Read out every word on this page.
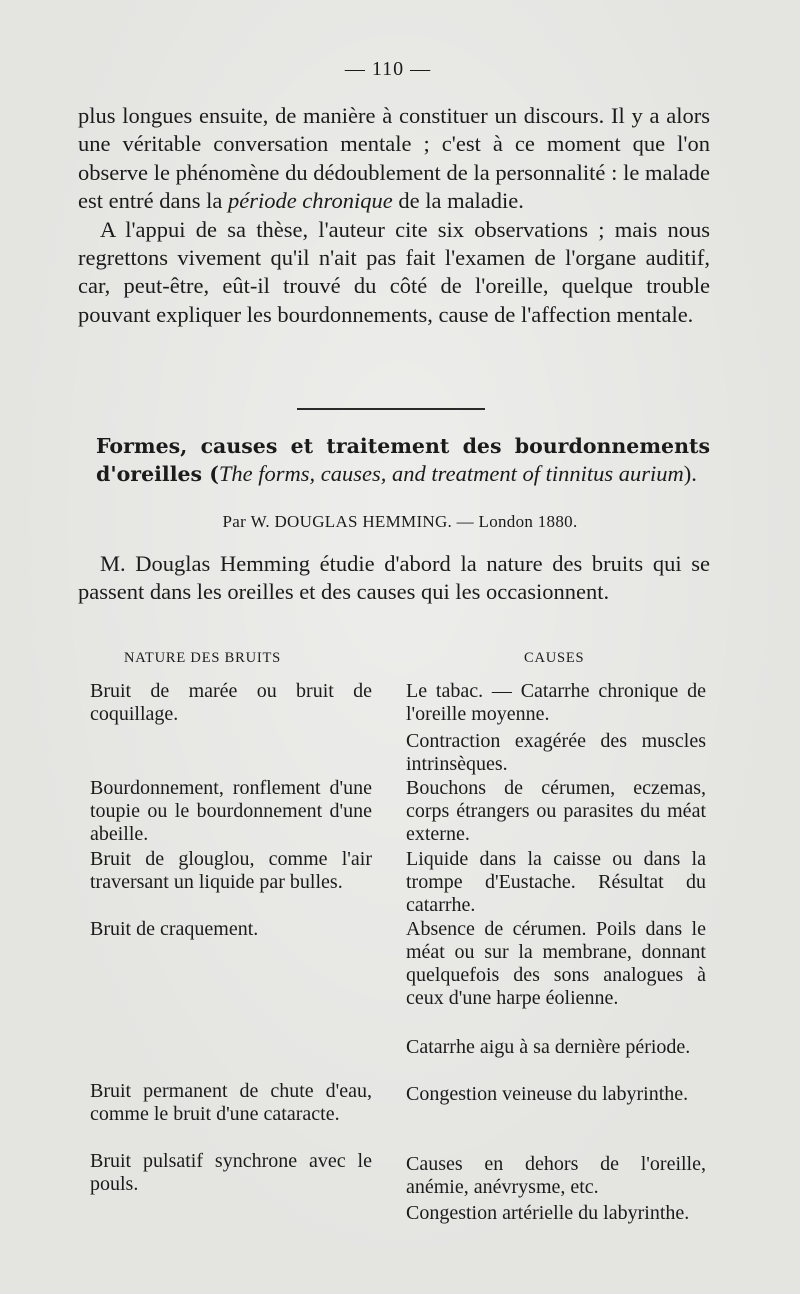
— 110 —

plus longues ensuite, de manière à constituer un discours. Il y a alors une véritable conversation mentale ; c'est à ce moment que l'on observe le phénomène du dédoublement de la personnalité : le malade est entré dans la période chronique de la maladie.

A l'appui de sa thèse, l'auteur cite six observations ; mais nous regrettons vivement qu'il n'ait pas fait l'examen de l'organe auditif, car, peut-être, eût-il trouvé du côté de l'oreille, quelque trouble pouvant expliquer les bourdonnements, cause de l'affection mentale.

Formes, causes et traitement des bourdonnements d'oreilles (The forms, causes, and treatment of tinnitus aurium).
Par W. DOUGLAS HEMMING. — London 1880.

M. Douglas Hemming étudie d'abord la nature des bruits qui se passent dans les oreilles et des causes qui les occasionnent.

NATURE DES BRUITS	CAUSES
Bruit de marée ou bruit de coquillage.
Bourdonnement, ronflement d'une toupie ou le bourdonnement d'une abeille.
Bruit de glouglou, comme l'air traversant un liquide par bulles.
Bruit de craquement.
Bruit permanent de chute d'eau, comme le bruit d'une cataracte.
Bruit pulsatif synchrone avec le pouls.
Le tabac. — Catarrhe chronique de l'oreille moyenne.
Contraction exagérée des muscles intrinsèques.
Bouchons de cérumen, eczemas, corps étrangers ou parasites du méat externe.
Liquide dans la caisse ou dans la trompe d'Eustache. Résultat du catarrhe.
Absence de cérumen. Poils dans le méat ou sur la membrane, donnant quelquefois des sons analogues à ceux d'une harpe éolienne.
Catarrhe aigu à sa dernière période.
Congestion veineuse du labyrinthe.
Causes en dehors de l'oreille, anémie, anévrysme, etc.
Congestion artérielle du labyrinthe.
